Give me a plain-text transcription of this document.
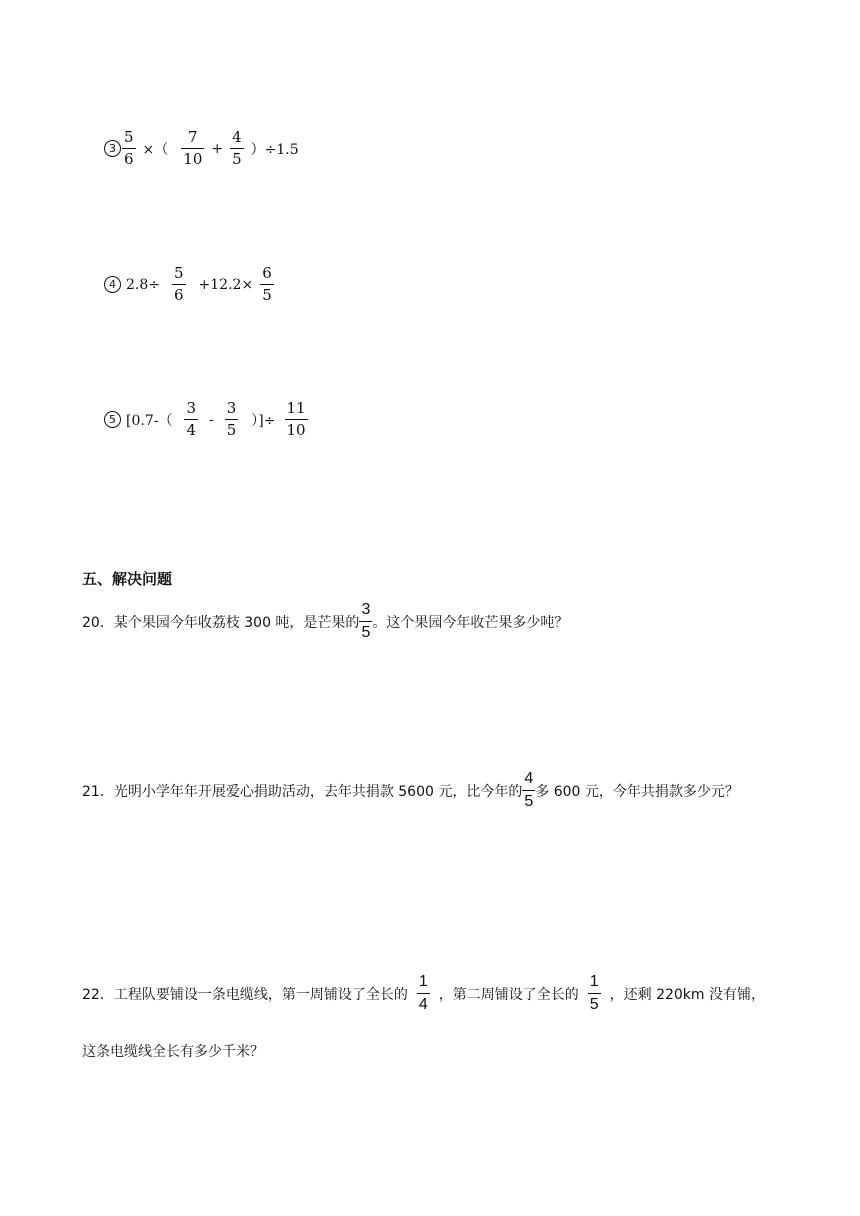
$3 \frac{5}{6}$ ×（ $\frac{7}{10} + \frac{4}{5} )\div 1.5$
4 $2.8\div \frac{5}{6} +12.2\times \frac{6}{5}$
5 [$0.7-( \frac{3}{4} - \frac{3}{5}$ ）]÷ $\frac{11}{10}$
五、解决问题
20．某个果园今年收荔枝 300 吨，是芒果的 $\frac{3}{5}$ 。这个果园今年收芒果多少吨？
21．光明小学年年开展爱心捐助活动，去年共捐款 5600 元，比今年的 $\frac{4}{5}$ 多 600 元，今年共捐款多少元？
22．工程队要铺设一条电缆线，第一周铺设了全长的 $\frac{1}{4}$ ，第二周铺设了全长的 $\frac{1}{5}$ ，还剩 220km 没有铺，
这条电缆线全长有多少千米？
